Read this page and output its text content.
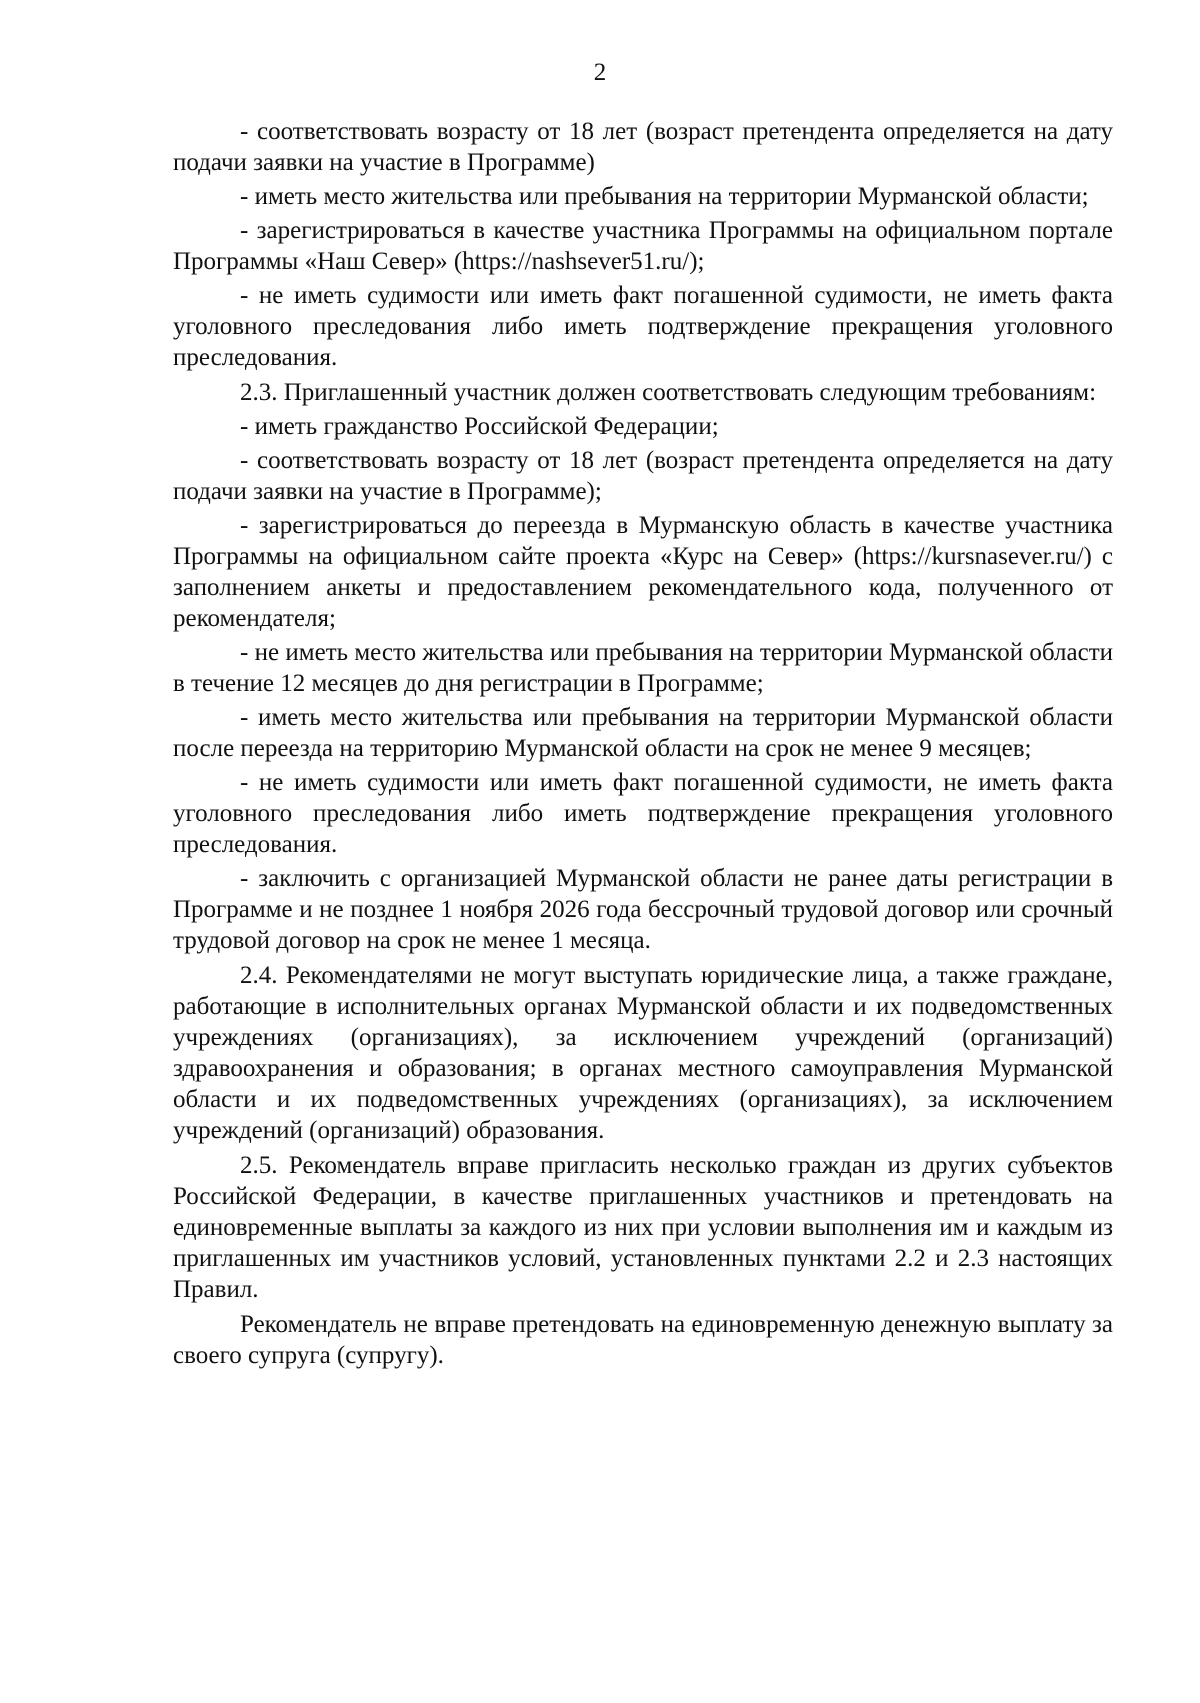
2

- соответствовать возрасту от 18 лет (возраст претендента определяется на дату подачи заявки на участие в Программе)

- иметь место жительства или пребывания на территории Мурманской области;

- зарегистрироваться в качестве участника Программы на официальном портале Программы «Наш Север» (https://nashsever51.ru/);

- не иметь судимости или иметь факт погашенной судимости, не иметь факта уголовного преследования либо иметь подтверждение прекращения уголовного преследования.

2.3. Приглашенный участник должен соответствовать следующим требованиям:

- иметь гражданство Российской Федерации;

- соответствовать возрасту от 18 лет (возраст претендента определяется на дату подачи заявки на участие в Программе);

- зарегистрироваться до переезда в Мурманскую область в качестве участника Программы на официальном сайте проекта «Курс на Север» (https://kursnasever.ru/) с заполнением анкеты и предоставлением рекомендательного кода, полученного от рекомендателя;

- не иметь место жительства или пребывания на территории Мурманской области в течение 12 месяцев до дня регистрации в Программе;

- иметь место жительства или пребывания на территории Мурманской области после переезда на территорию Мурманской области на срок не менее 9 месяцев;

- не иметь судимости или иметь факт погашенной судимости, не иметь факта уголовного преследования либо иметь подтверждение прекращения уголовного преследования.

- заключить с организацией Мурманской области не ранее даты регистрации в Программе и не позднее 1 ноября 2026 года бессрочный трудовой договор или срочный трудовой договор на срок не менее 1 месяца.

2.4. Рекомендателями не могут выступать юридические лица, а также граждане, работающие в исполнительных органах Мурманской области и их подведомственных учреждениях (организациях), за исключением учреждений (организаций) здравоохранения и образования; в органах местного самоуправления Мурманской области и их подведомственных учреждениях (организациях), за исключением учреждений (организаций) образования.

2.5. Рекомендатель вправе пригласить несколько граждан из других субъектов Российской Федерации, в качестве приглашенных участников и претендовать на единовременные выплаты за каждого из них при условии выполнения им и каждым из приглашенных им участников условий, установленных пунктами 2.2 и 2.3 настоящих Правил.

Рекомендатель не вправе претендовать на единовременную денежную выплату за своего супруга (супругу).
